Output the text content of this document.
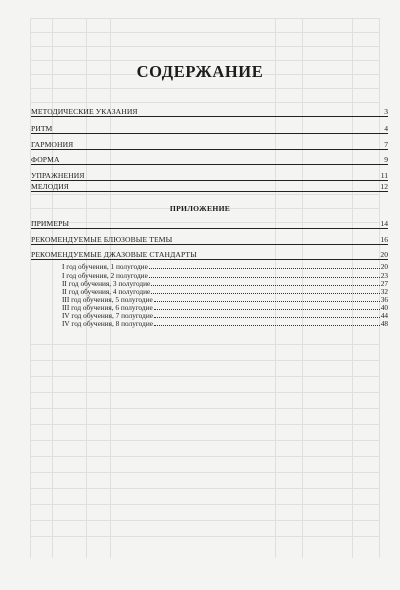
СОДЕРЖАНИЕ
МЕТОДИЧЕСКИЕ УКАЗАНИЯ	3
РИТМ	4
ГАРМОНИЯ	7
ФОРМА	9
УПРАЖНЕНИЯ	11
МЕЛОДИЯ	12
ПРИЛОЖЕНИЕ
ПРИМЕРЫ	14
РЕКОМЕНДУЕМЫЕ БЛЮЗОВЫЕ ТЕМЫ	16
РЕКОМЕНДУЕМЫЕ ДЖАЗОВЫЕ СТАНДАРТЫ	20
I год обучения, 1 полугодие	20
I год обучения, 2 полугодие	23
II год обучения, 3 полугодие	27
II год обучения, 4 полугодие	32
III год обучения, 5 полугодие	36
III год обучения, 6 полугодие	40
IV год обучения, 7 полугодие	44
IV год обучения, 8 полугодие	48
